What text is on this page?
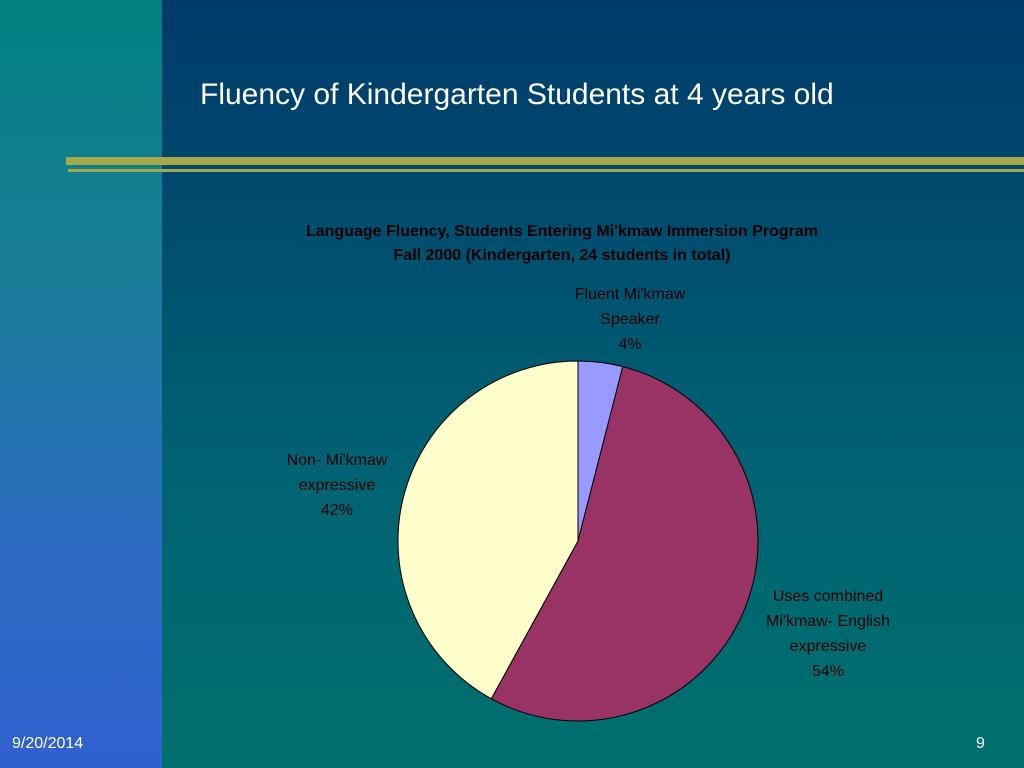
Fluency of Kindergarten Students at 4 years old
Language Fluency, Students Entering Mi'kmaw Immersion Program
Fall 2000 (Kindergarten, 24 students in total)
Fluent Mi'kmaw
Speaker
4%
Uses combined
Mi'kmaw- English
expressive
54%
Non- Mi'kmaw
expressive
42%
9/20/2014	9
